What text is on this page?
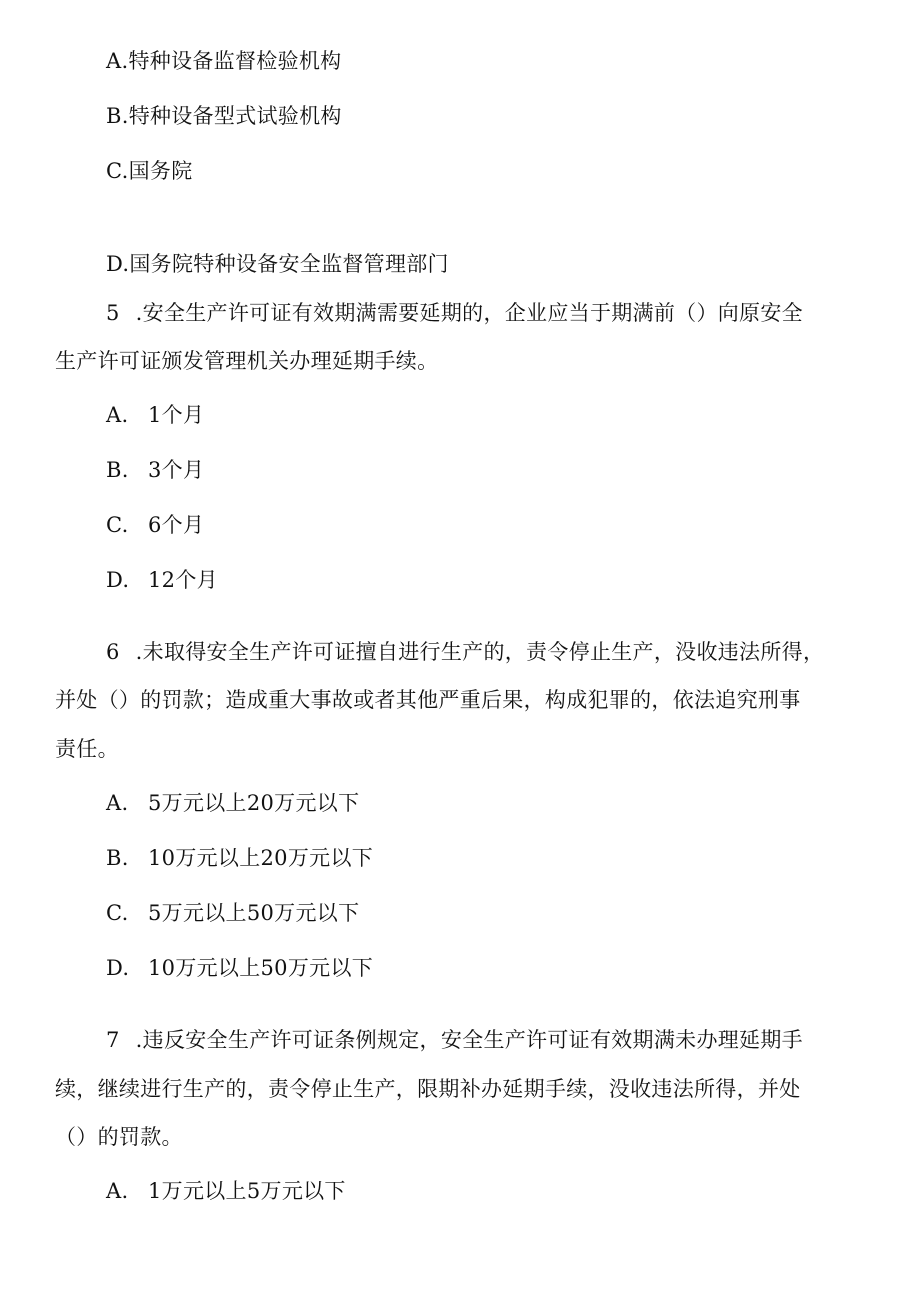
A.特种设备监督检验机构
B.特种设备型式试验机构
C.国务院
D.国务院特种设备安全监督管理部门
5 .安全生产许可证有效期满需要延期的，企业应当于期满前（）向原安全
生产许可证颁发管理机关办理延期手续。
A. 1个月
B. 3个月
C. 6个月
D. 12个月
6 .未取得安全生产许可证擅自进行生产的，责令停止生产，没收违法所得，
并处（）的罚款；造成重大事故或者其他严重后果，构成犯罪的，依法追究刑事
责任。
A. 5万元以上20万元以下
B. 10万元以上20万元以下
C. 5万元以上50万元以下
D. 10万元以上50万元以下
7 .违反安全生产许可证条例规定，安全生产许可证有效期满未办理延期手
续，继续进行生产的，责令停止生产，限期补办延期手续，没收违法所得，并处
（）的罚款。
A. 1万元以上5万元以下
